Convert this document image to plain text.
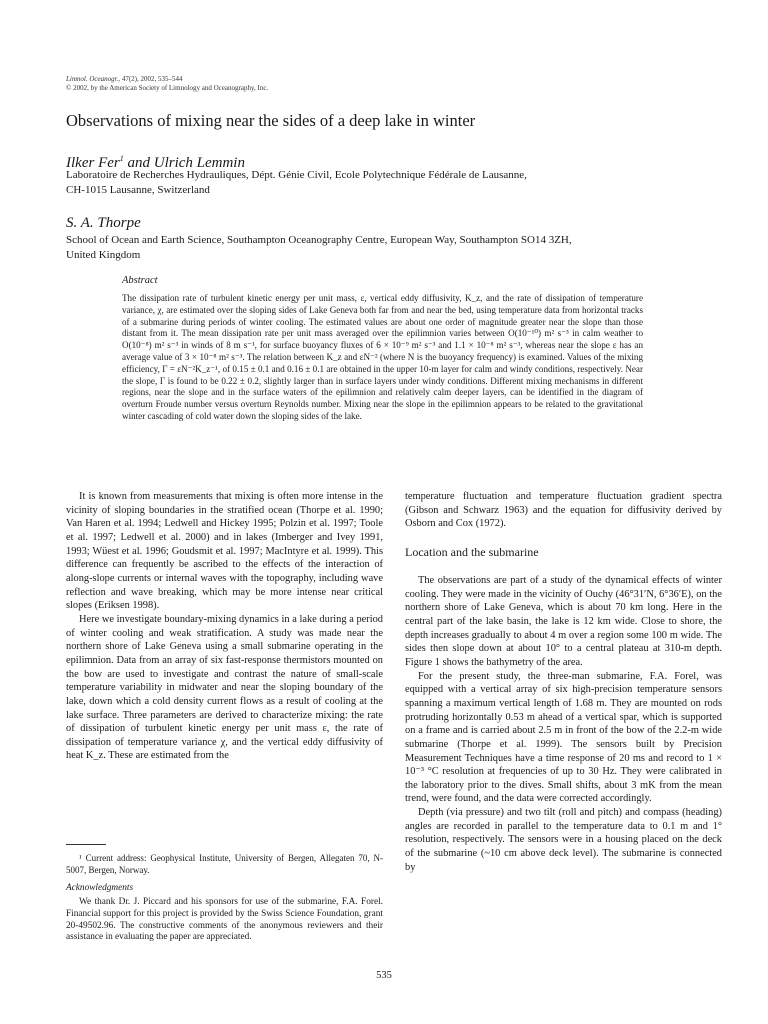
Limnol. Oceanogr., 47(2), 2002, 535–544
© 2002, by the American Society of Limnology and Oceanography, Inc.
Observations of mixing near the sides of a deep lake in winter
Ilker Fer$^1$ and Ulrich Lemmin
Laboratoire de Recherches Hydrauliques, Dépt. Génie Civil, Ecole Polytechnique Fédérale de Lausanne,
CH-1015 Lausanne, Switzerland
S. A. Thorpe
School of Ocean and Earth Science, Southampton Oceanography Centre, European Way, Southampton SO14 3ZH,
United Kingdom
Abstract
The dissipation rate of turbulent kinetic energy per unit mass, ε, vertical eddy diffusivity, K_z, and the rate of dissipation of temperature variance, χ, are estimated over the sloping sides of Lake Geneva both far from and near the bed, using temperature data from horizontal tracks of a submarine during periods of winter cooling. The estimated values are about one order of magnitude greater near the slope than those distant from it. The mean dissipation rate per unit mass averaged over the epilimnion varies between O(10⁻¹⁰) m² s⁻³ in calm weather to O(10⁻⁸) m² s⁻³ in winds of 8 m s⁻¹, for surface buoyancy fluxes of 6 × 10⁻⁹ m² s⁻³ and 1.1 × 10⁻⁸ m² s⁻³, whereas near the slope ε has an average value of 3 × 10⁻⁸ m² s⁻³. The relation between K_z and εN⁻² (where N is the buoyancy frequency) is examined. Values of the mixing efficiency, Γ = εN⁻²K_z⁻¹, of 0.15 ± 0.1 and 0.16 ± 0.1 are obtained in the upper 10-m layer for calm and windy conditions, respectively. Near the slope, Γ is found to be 0.22 ± 0.2, slightly larger than in surface layers under windy conditions. Different mixing mechanisms in different regions, near the slope and in the surface waters of the epilimnion and relatively calm deeper layers, can be identified in the diagram of overturn Froude number versus overturn Reynolds number. Mixing near the slope in the epilimnion appears to be related to the gravitational winter cascading of cold water down the sloping sides of the lake.

It is known from measurements that mixing is often more intense in the vicinity of sloping boundaries in the stratified ocean (Thorpe et al. 1990; Van Haren et al. 1994; Ledwell and Hickey 1995; Polzin et al. 1997; Toole et al. 1997; Ledwell et al. 2000) and in lakes (Imberger and Ivey 1991, 1993; Wüest et al. 1996; Goudsmit et al. 1997; MacIntyre et al. 1999). This difference can frequently be ascribed to the effects of the interaction of along-slope currents or internal waves with the topography, including wave reflection and wave breaking, which may be more intense near critical slopes (Eriksen 1998).

Here we investigate boundary-mixing dynamics in a lake during a period of winter cooling and weak stratification. A study was made near the northern shore of Lake Geneva using a small submarine operating in the epilimnion. Data from an array of six fast-response thermistors mounted on the bow are used to investigate and contrast the nature of small-scale temperature variability in midwater and near the sloping boundary of the lake, down which a cold density current flows as a result of cooling at the lake surface. Three parameters are derived to characterize mixing: the rate of dissipation of turbulent kinetic energy per unit mass ε, the rate of dissipation of temperature variance χ, and the vertical eddy diffusivity of heat K_z. These are estimated from the

¹ Current address: Geophysical Institute, University of Bergen, Allegaten 70, N-5007, Bergen, Norway.

Acknowledgments

We thank Dr. J. Piccard and his sponsors for use of the submarine, F.A. Forel. Financial support for this project is provided by the Swiss Science Foundation, grant 20-49502.96. The constructive comments of the anonymous reviewers and their assistance in evaluating the paper are appreciated.

temperature fluctuation and temperature fluctuation gradient spectra (Gibson and Schwarz 1963) and the equation for diffusivity derived by Osborn and Cox (1972).

Location and the submarine

The observations are part of a study of the dynamical effects of winter cooling. They were made in the vicinity of Ouchy (46°31′N, 6°36′E), on the northern shore of Lake Geneva, which is about 70 km long. Here in the central part of the lake basin, the lake is 12 km wide. Close to shore, the depth increases gradually to about 4 m over a region some 100 m wide. The sides then slope down at about 10° to a central plateau at 310-m depth. Figure 1 shows the bathymetry of the area.

For the present study, the three-man submarine, F.A. Forel, was equipped with a vertical array of six high-precision temperature sensors spanning a maximum vertical length of 1.68 m. They are mounted on rods protruding horizontally 0.53 m ahead of a vertical spar, which is supported on a frame and is carried about 2.5 m in front of the bow of the 2.2-m wide submarine (Thorpe et al. 1999). The sensors built by Precision Measurement Techniques have a time response of 20 ms and record to 1 × 10⁻³ °C resolution at frequencies of up to 30 Hz. They were calibrated in the laboratory prior to the dives. Small shifts, about 3 mK from the mean trend, were found, and the data were corrected accordingly.

Depth (via pressure) and two tilt (roll and pitch) and compass (heading) angles are recorded in parallel to the temperature data to 0.1 m and 1° resolution, respectively. The sensors were in a housing placed on the deck of the submarine (~10 cm above deck level). The submarine is connected by

535
